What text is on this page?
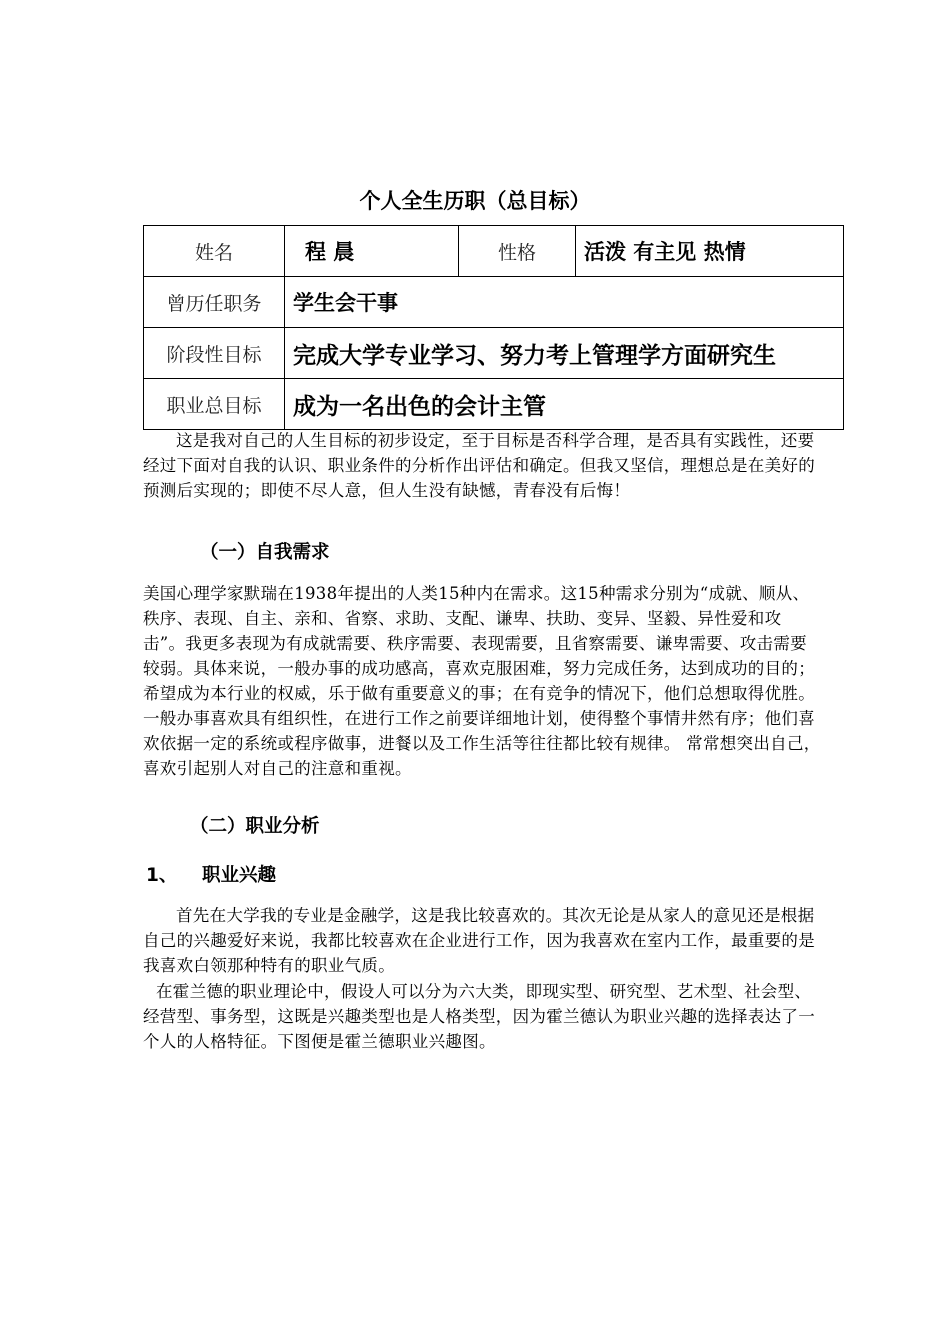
个人全生历职（总目标）
姓名	程 晨	性格	活泼 有主见 热情
曾历任职务	学生会干事		
阶段性目标	完成大学专业学习、努力考上管理学方面研究生		
职业总目标	成为一名出色的会计主管		
这是我对自己的人生目标的初步设定，至于目标是否科学合理，是否具有实践性，还要经过下面对自我的认识、职业条件的分析作出评估和确定。但我又坚信，理想总是在美好的预测后实现的；即使不尽人意，但人生没有缺憾，青春没有后悔！
（一）自我需求
美国心理学家默瑞在1938年提出的人类15种内在需求。这15种需求分别为“成就、顺从、秩序、表现、自主、亲和、省察、求助、支配、谦卑、扶助、变异、坚毅、异性爱和攻击”。我更多表现为有成就需要、秩序需要、表现需要，且省察需要、谦卑需要、攻击需要较弱。具体来说，一般办事的成功感高，喜欢克服困难，努力完成任务，达到成功的目的；希望成为本行业的权威，乐于做有重要意义的事；在有竞争的情况下，他们总想取得优胜。 一般办事喜欢具有组织性，在进行工作之前要详细地计划，使得整个事情井然有序；他们喜欢依据一定的系统或程序做事，进餐以及工作生活等往往都比较有规律。 常常想突出自己，喜欢引起别人对自己的注意和重视。
（二）职业分析
1、 职业兴趣
首先在大学我的专业是金融学，这是我比较喜欢的。其次无论是从家人的意见还是根据自己的兴趣爱好来说，我都比较喜欢在企业进行工作，因为我喜欢在室内工作，最重要的是我喜欢白领那种特有的职业气质。
在霍兰德的职业理论中，假设人可以分为六大类，即现实型、研究型、艺术型、社会型、经营型、事务型，这既是兴趣类型也是人格类型，因为霍兰德认为职业兴趣的选择表达了一个人的人格特征。下图便是霍兰德职业兴趣图。
